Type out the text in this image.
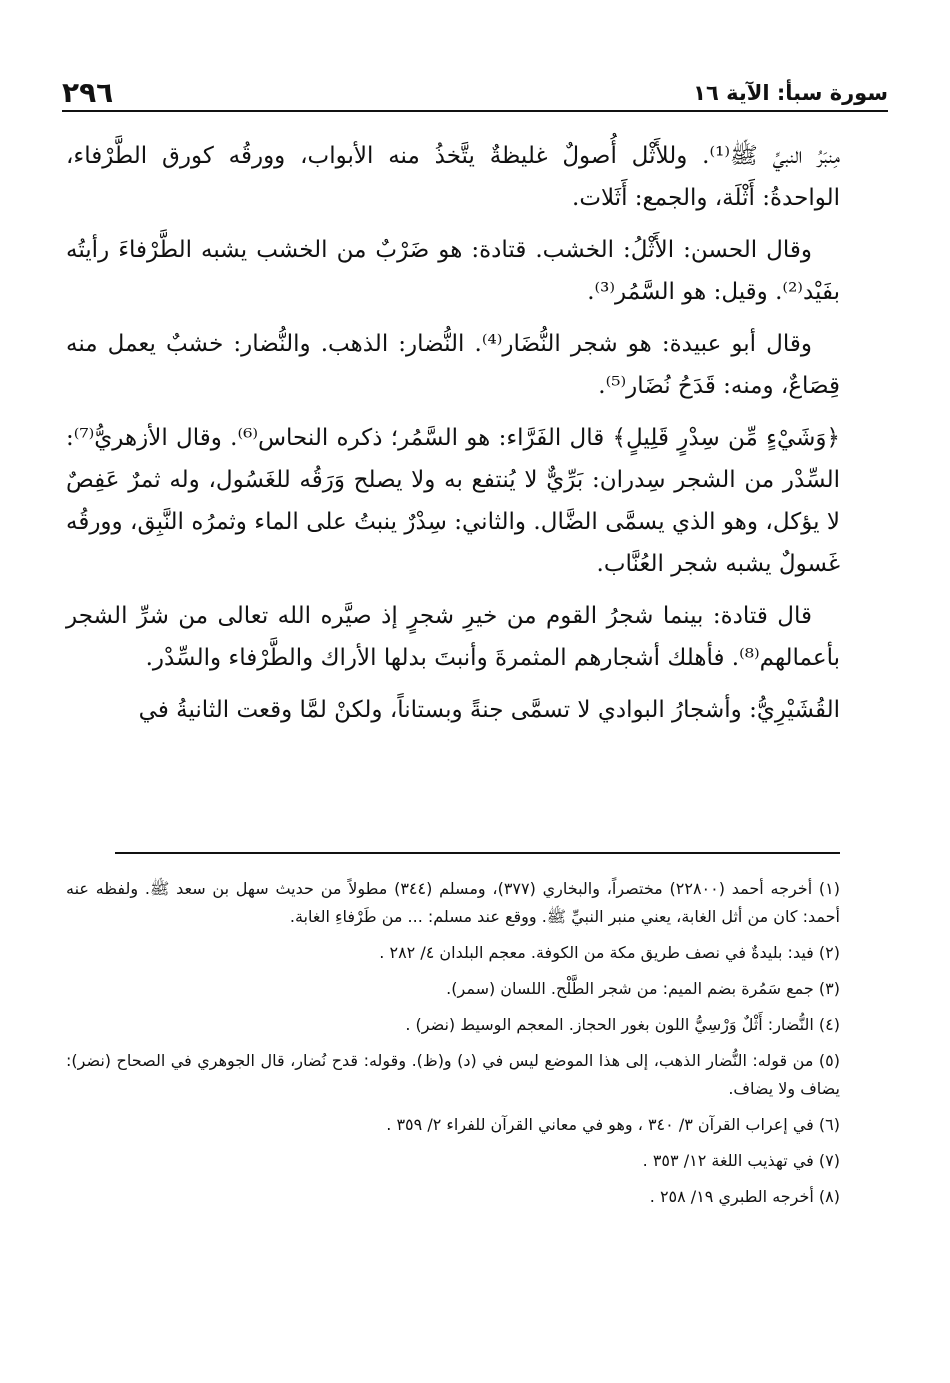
سورة سبأ: الآية ١٦
٢٩٦

مِنبَرُ النبيِّ ﷺ⁽¹⁾. وللأَثْل أُصولٌ غليظةٌ يتَّخذُ منه الأبواب، وورقُه كورق الطَّرْفاء، الواحدةُ: أَثْلَة، والجمع: أَثَلات.

وقال الحسن: الأَثْلُ: الخشب. قتادة: هو ضَرْبٌ من الخشب يشبه الطَّرْفاءَ رأيتُه بفَيْد⁽²⁾. وقيل: هو السَّمُر⁽³⁾.

وقال أبو عبيدة: هو شجر النُّضَار⁽⁴⁾. النُّضار: الذهب. والنُّضار: خشبٌ يعمل منه قِصَاعٌ، ومنه: قَدَحُ نُضَار⁽⁵⁾.

﴿وَشَيْءٍ مِّن سِدْرٍ قَلِيلٍ﴾ قال الفَرَّاء: هو السَّمُر؛ ذكره النحاس⁽⁶⁾. وقال الأزهريُّ⁽⁷⁾: السِّدْر من الشجر سِدران: بَرِّيٌّ لا يُنتفع به ولا يصلح وَرَقُه للغَسُول، وله ثمرٌ عَفِصٌ لا يؤكل، وهو الذي يسمَّى الضَّال. والثاني: سِدْرٌ ينبتُ على الماء وثمرُه النَّبِق، وورقُه غَسولٌ يشبه شجر العُنَّاب.

قال قتادة: بينما شجرُ القوم من خيرِ شجرٍ إذ صيَّره الله تعالى من شرِّ الشجر بأعمالهم⁽⁸⁾. فأهلك أشجارهم المثمرةَ وأنبتَ بدلها الأراك والطَّرْفاء والسِّدْر.

القُشَيْرِيُّ: وأشجارُ البوادي لا تسمَّى جنةً وبستاناً، ولكنْ لمَّا وقعت الثانيةُ في

(١) أخرجه أحمد (٢٢٨٠٠) مختصراً، والبخاري (٣٧٧)، ومسلم (٣٤٤) مطولاً من حديث سهل بن سعد ﷺ. ولفظه عنه أحمد: كان من أثل الغابة، يعني منبر النبيِّ ﷺ. ووقع عند مسلم: ... من طَرْفاءِ الغابة.

(٢) فيد: بليدةٌ في نصف طريق مكة من الكوفة. معجم البلدان ٤/ ٢٨٢ .

(٣) جمع سَمُرة بضم الميم: من شجر الطَّلْح. اللسان (سمر).

(٤) النُّضار: أَثْلٌ وَرْسِيُّ اللون بغور الحجاز. المعجم الوسيط (نضر) .

(٥) من قوله: النُّضار الذهب، إلى هذا الموضع ليس في (د) و(ظ). وقوله: قدح نُضار، قال الجوهري في الصحاح (نضر): يضاف ولا يضاف.

(٦) في إعراب القرآن ٣/ ٣٤٠ ، وهو في معاني القرآن للفراء ٢/ ٣٥٩ .

(٧) في تهذيب اللغة ١٢/ ٣٥٣ .

(٨) أخرجه الطبري ١٩/ ٢٥٨ .
